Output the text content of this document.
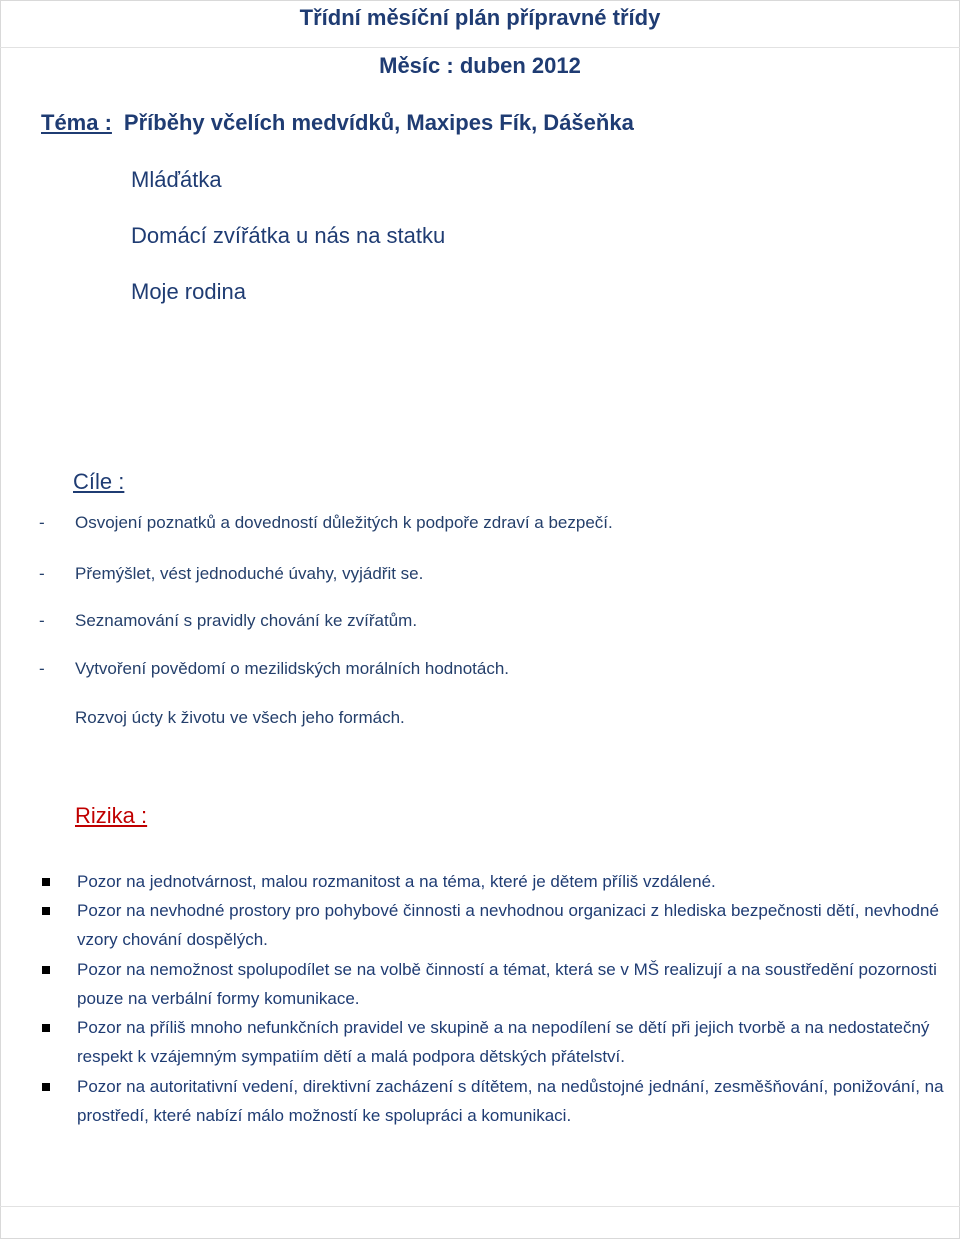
Třídní měsíční plán přípravné třídy
Měsíc : duben 2012
Téma : Příběhy včelích medvídků, Maxipes Fík, Dášeňka
Mláďátka
Domácí zvířátka u nás na statku
Moje rodina
Cíle :
- Osvojení poznatků a dovedností důležitých k podpoře zdraví a bezpečí.
- Přemýšlet, vést jednoduché úvahy, vyjádřit se.
- Seznamování s pravidly chování ke zvířatům.
- Vytvoření povědomí o mezilidských morálních hodnotách.
Rozvoj úcty k životu ve všech jeho formách.
Rizika :
Pozor na jednotvárnost, malou rozmanitost a na téma, které je dětem příliš vzdálené.
Pozor na nevhodné prostory pro pohybové činnosti a nevhodnou organizaci z hlediska bezpečnosti dětí, nevhodné vzory chování dospělých.
Pozor na nemožnost spolupodílet se na volbě činností a témat, která se v MŠ realizují a na soustředění pozornosti pouze na verbální formy komunikace.
Pozor na příliš mnoho nefunkčních pravidel ve skupině a na nepodílení se dětí při jejich tvorbě a na nedostatečný respekt k vzájemným sympatiím dětí a malá podpora dětských přátelství.
Pozor na autoritativní vedení, direktivní zacházení s dítětem, na nedůstojné jednání, zesměšňování, ponižování, na prostředí, které nabízí málo možností ke spolupráci a komunikaci.
